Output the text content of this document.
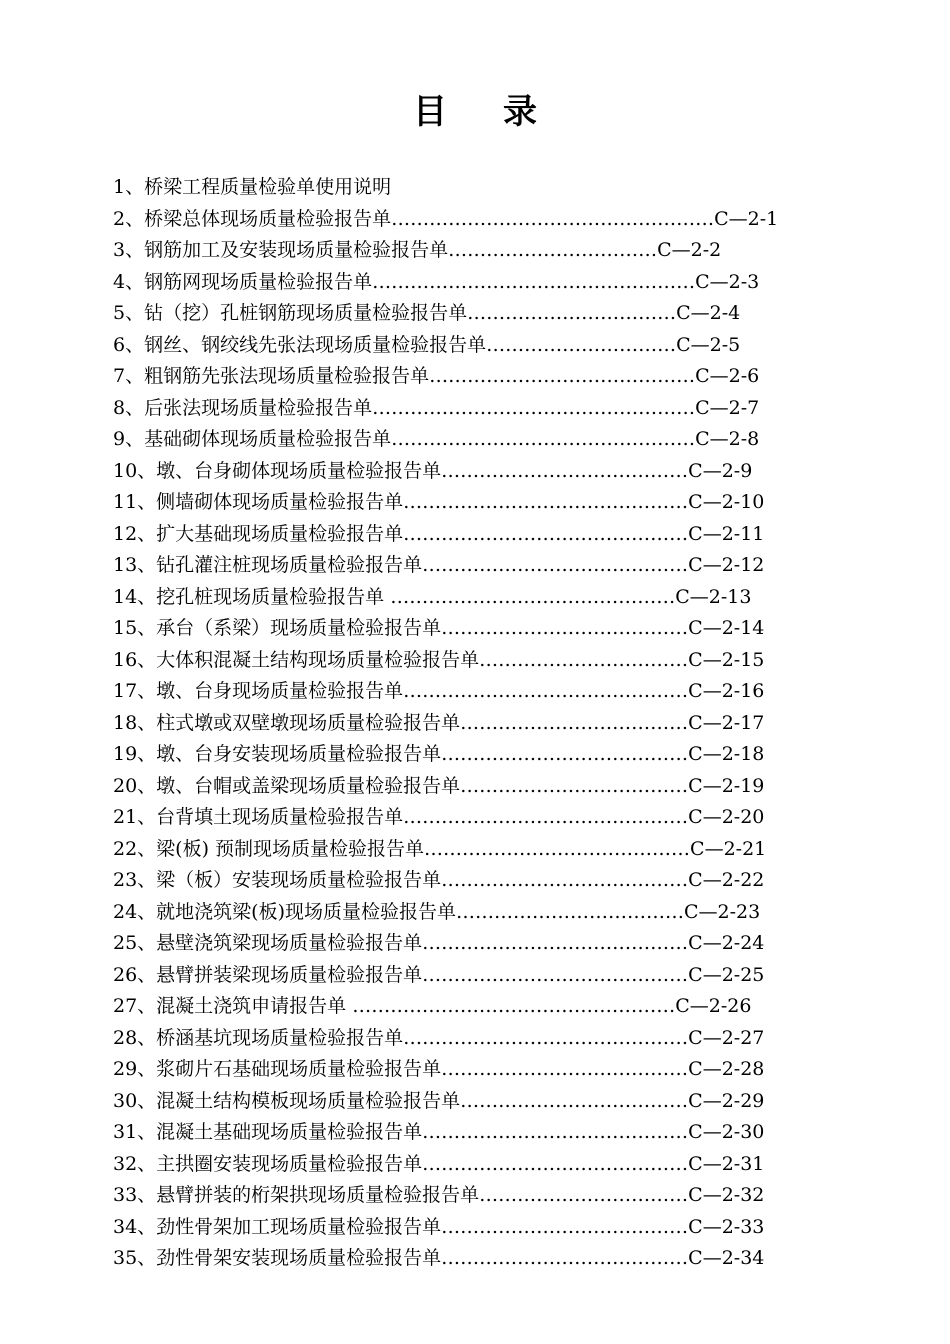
目 录
1、桥梁工程质量检验单使用说明
2、桥梁总体现场质量检验报告单……………………………………………C—2-1
3、钢筋加工及安装现场质量检验报告单……………………………C—2-2
4、钢筋网现场质量检验报告单……………………………………………C—2-3
5、钻（挖）孔桩钢筋现场质量检验报告单……………………………C—2-4
6、钢丝、钢绞线先张法现场质量检验报告单…………………………C—2-5
7、粗钢筋先张法现场质量检验报告单……………………………………C—2-6
8、后张法现场质量检验报告单……………………………………………C—2-7
9、基础砌体现场质量检验报告单…………………………………………C—2-8
10、墩、台身砌体现场质量检验报告单…………………………………C—2-9
11、侧墙砌体现场质量检验报告单………………………………………C—2-10
12、扩大基础现场质量检验报告单………………………………………C—2-11
13、钻孔灌注桩现场质量检验报告单……………………………………C—2-12
14、挖孔桩现场质量检验报告单 ………………………………………C—2-13
15、承台（系梁）现场质量检验报告单…………………………………C—2-14
16、大体积混凝土结构现场质量检验报告单……………………………C—2-15
17、墩、台身现场质量检验报告单………………………………………C—2-16
18、柱式墩或双壁墩现场质量检验报告单………………………………C—2-17
19、墩、台身安装现场质量检验报告单…………………………………C—2-18
20、墩、台帽或盖梁现场质量检验报告单………………………………C—2-19
21、台背填土现场质量检验报告单………………………………………C—2-20
22、梁(板) 预制现场质量检验报告单……………………………………C—2-21
23、梁（板）安装现场质量检验报告单…………………………………C—2-22
24、就地浇筑梁(板)现场质量检验报告单………………………………C—2-23
25、悬壁浇筑梁现场质量检验报告单……………………………………C—2-24
26、悬臂拼装梁现场质量检验报告单……………………………………C—2-25
27、混凝土浇筑申请报告单 ……………………………………………C—2-26
28、桥涵基坑现场质量检验报告单………………………………………C—2-27
29、浆砌片石基础现场质量检验报告单…………………………………C—2-28
30、混凝土结构模板现场质量检验报告单………………………………C—2-29
31、混凝土基础现场质量检验报告单……………………………………C—2-30
32、主拱圈安装现场质量检验报告单……………………………………C—2-31
33、悬臂拼装的桁架拱现场质量检验报告单……………………………C—2-32
34、劲性骨架加工现场质量检验报告单…………………………………C—2-33
35、劲性骨架安装现场质量检验报告单…………………………………C—2-34
